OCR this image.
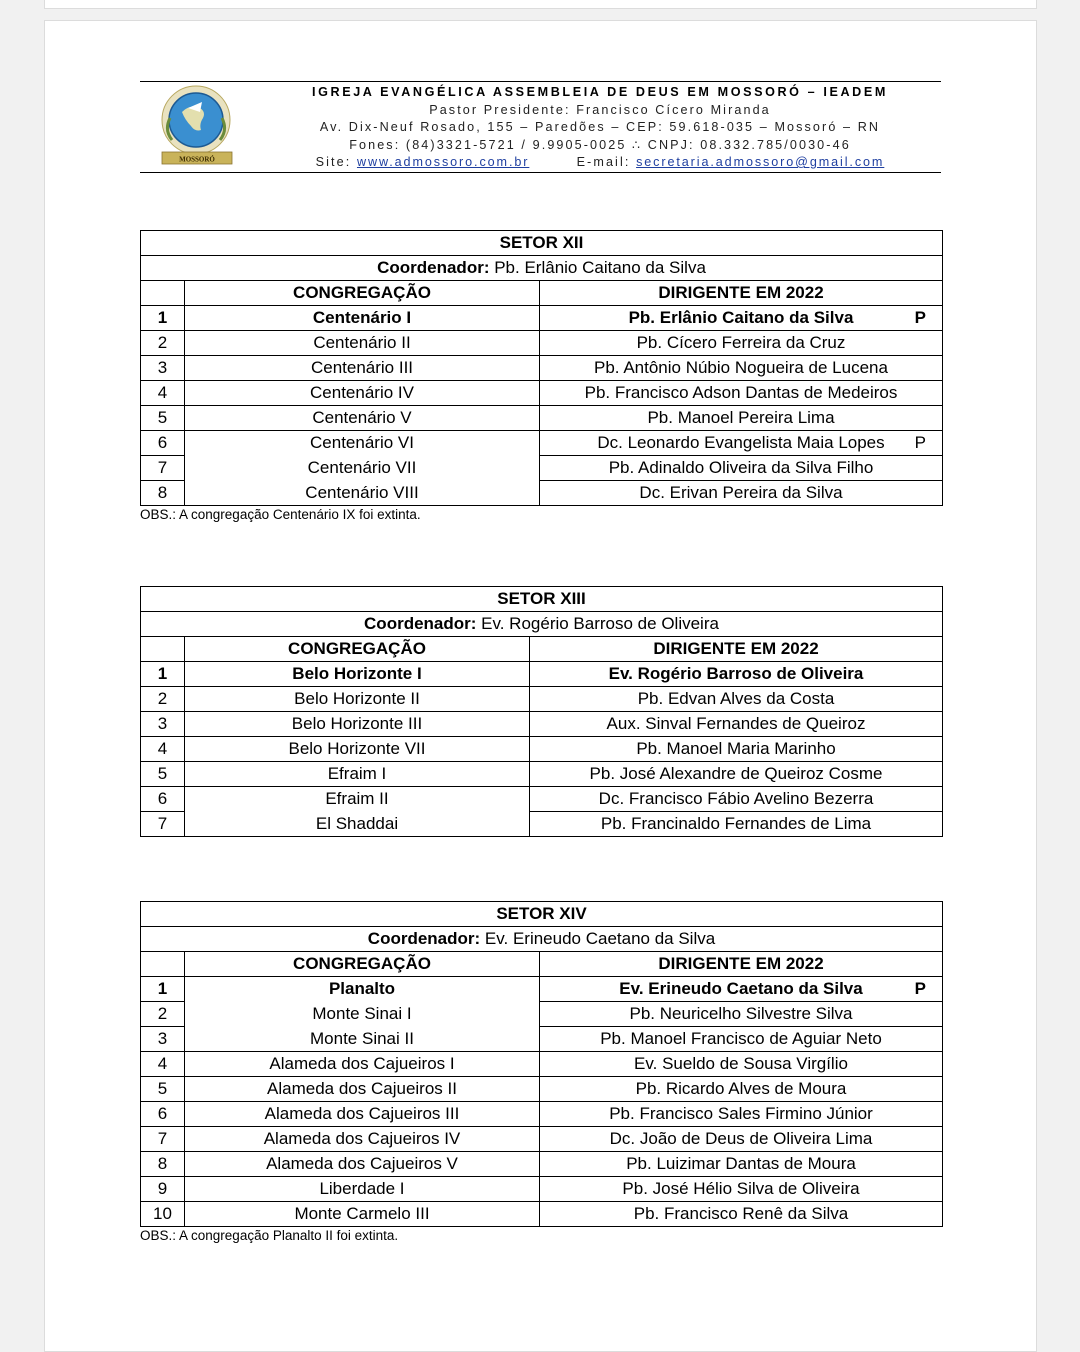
MOSSORÓ
IGREJA EVANGÉLICA ASSEMBLEIA DE DEUS EM MOSSORÓ – IEADEM
Pastor Presidente: Francisco Cícero Miranda
Av. Dix-Neuf Rosado, 155 – Paredões – CEP: 59.618-035 – Mossoró – RN
Fones: (84)3321-5721 / 9.9905-0025 ∴ CNPJ: 08.332.785/0030-46
Site: www.admossoro.com.br	E-mail: secretaria.admossoro@gmail.com
SETOR XII		
Coordenador: Pb. Erlânio Caitano da Silva		
	CONGREGAÇÃO	DIRIGENTE EM 2022
1	Centenário I	Pb. Erlânio Caitano da Silva P

2	Centenário II	Pb. Cícero Ferreira da Cruz
3	Centenário III	Pb. Antônio Núbio Nogueira de Lucena
4	Centenário IV	Pb. Francisco Adson Dantas de Medeiros
5	Centenário V	Pb. Manoel Pereira Lima
6	Centenário VI	Dc. Leonardo Evangelista Maia Lopes P

7	Centenário VII	Pb. Adinaldo Oliveira da Silva Filho
8	Centenário VIII	Dc. Erivan Pereira da Silva
OBS.: A congregação Centenário IX foi extinta.
SETOR XIII		
Coordenador: Ev. Rogério Barroso de Oliveira		
	CONGREGAÇÃO	DIRIGENTE EM 2022
1	Belo Horizonte I	Ev. Rogério Barroso de Oliveira
2	Belo Horizonte II	Pb. Edvan Alves da Costa
3	Belo Horizonte III	Aux. Sinval Fernandes de Queiroz
4	Belo Horizonte VII	Pb. Manoel Maria Marinho
5	Efraim I	Pb. José Alexandre de Queiroz Cosme
6	Efraim II	Dc. Francisco Fábio Avelino Bezerra
7	El Shaddai	Pb. Francinaldo Fernandes de Lima
SETOR XIV		
Coordenador: Ev. Erineudo Caetano da Silva		
	CONGREGAÇÃO	DIRIGENTE EM 2022
1	Planalto	Ev. Erineudo Caetano da Silva P

2	Monte Sinai I	Pb. Neuricelho Silvestre Silva
3	Monte Sinai II	Pb. Manoel Francisco de Aguiar Neto
4	Alameda dos Cajueiros I	Ev. Sueldo de Sousa Virgílio
5	Alameda dos Cajueiros II	Pb. Ricardo Alves de Moura
6	Alameda dos Cajueiros III	Pb. Francisco Sales Firmino Júnior
7	Alameda dos Cajueiros IV	Dc. João de Deus de Oliveira Lima
8	Alameda dos Cajueiros V	Pb. Luizimar Dantas de Moura
9	Liberdade I	Pb. José Hélio Silva de Oliveira
10	Monte Carmelo III	Pb. Francisco Renê da Silva
OBS.: A congregação Planalto II foi extinta.
